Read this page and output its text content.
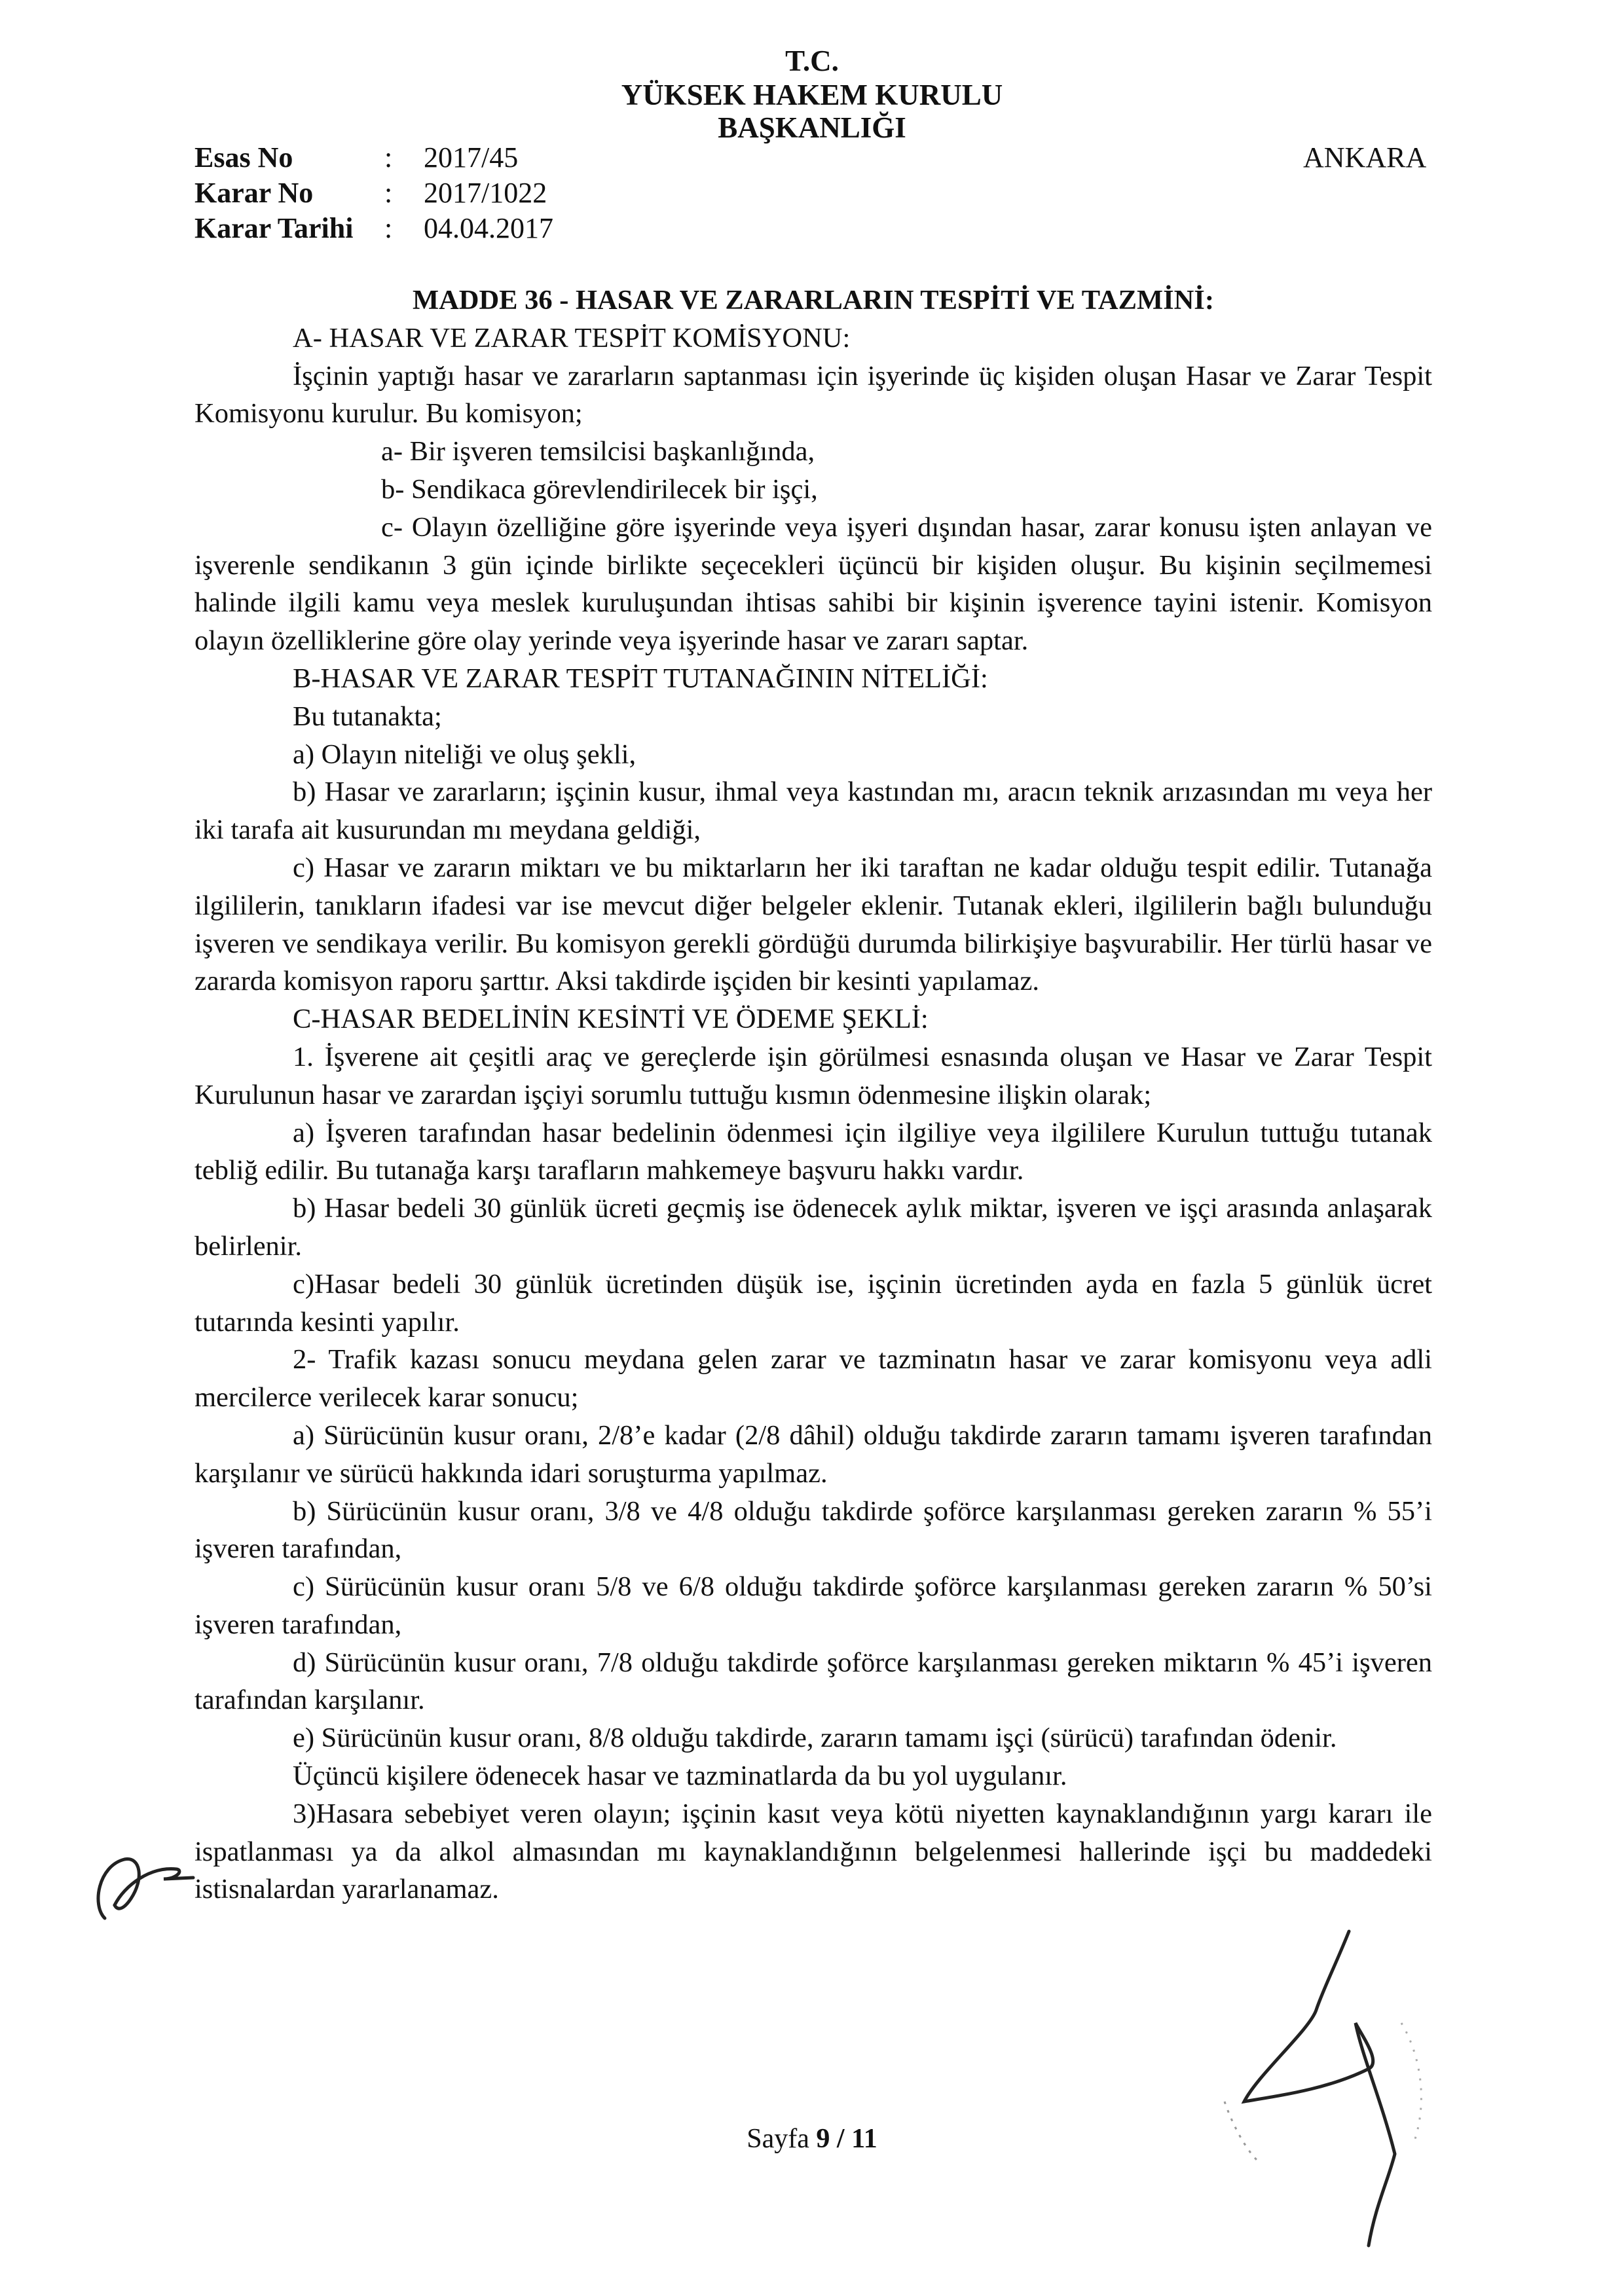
T.C.
YÜKSEK HAKEM KURULU
BAŞKANLIĞI
Esas No	:	2017/45
Karar No	:	2017/1022
Karar Tarihi	:	04.04.2017
ANKARA

MADDE 36 - HASAR VE ZARARLARIN TESPİTİ VE TAZMİNİ:

A- HASAR VE ZARAR TESPİT KOMİSYONU:

İşçinin yaptığı hasar ve zararların saptanması için işyerinde üç kişiden oluşan Hasar ve Zarar Tespit Komisyonu kurulur. Bu komisyon;

a- Bir işveren temsilcisi başkanlığında,

b- Sendikaca görevlendirilecek bir işçi,

c- Olayın özelliğine göre işyerinde veya işyeri dışından hasar, zarar konusu işten anlayan ve işverenle sendikanın 3 gün içinde birlikte seçecekleri üçüncü bir kişiden oluşur. Bu kişinin seçilmemesi halinde ilgili kamu veya meslek kuruluşundan ihtisas sahibi bir kişinin işverence tayini istenir. Komisyon olayın özelliklerine göre olay yerinde veya işyerinde hasar ve zararı saptar.

B-HASAR VE ZARAR TESPİT TUTANAĞININ NİTELİĞİ:

Bu tutanakta;

a) Olayın niteliği ve oluş şekli,

b) Hasar ve zararların; işçinin kusur, ihmal veya kastından mı, aracın teknik arızasından mı veya her iki tarafa ait kusurundan mı meydana geldiği,

c) Hasar ve zararın miktarı ve bu miktarların her iki taraftan ne kadar olduğu tespit edilir. Tutanağa ilgililerin, tanıkların ifadesi var ise mevcut diğer belgeler eklenir. Tutanak ekleri, ilgililerin bağlı bulunduğu işveren ve sendikaya verilir. Bu komisyon gerekli gördüğü durumda bilirkişiye başvurabilir. Her türlü hasar ve zararda komisyon raporu şarttır. Aksi takdirde işçiden bir kesinti yapılamaz.

C-HASAR BEDELİNİN KESİNTİ VE ÖDEME ŞEKLİ:

1. İşverene ait çeşitli araç ve gereçlerde işin görülmesi esnasında oluşan ve Hasar ve Zarar Tespit Kurulunun hasar ve zarardan işçiyi sorumlu tuttuğu kısmın ödenmesine ilişkin olarak;

a) İşveren tarafından hasar bedelinin ödenmesi için ilgiliye veya ilgililere Kurulun tuttuğu tutanak tebliğ edilir. Bu tutanağa karşı tarafların mahkemeye başvuru hakkı vardır.

b) Hasar bedeli 30 günlük ücreti geçmiş ise ödenecek aylık miktar, işveren ve işçi arasında anlaşarak belirlenir.

c)Hasar bedeli 30 günlük ücretinden düşük ise, işçinin ücretinden ayda en fazla 5 günlük ücret tutarında kesinti yapılır.

2- Trafik kazası sonucu meydana gelen zarar ve tazminatın hasar ve zarar komisyonu veya adli mercilerce verilecek karar sonucu;

a) Sürücünün kusur oranı, 2/8’e kadar (2/8 dâhil) olduğu takdirde zararın tamamı işveren tarafından karşılanır ve sürücü hakkında idari soruşturma yapılmaz.

b) Sürücünün kusur oranı, 3/8 ve 4/8 olduğu takdirde şoförce karşılanması gereken zararın % 55’i işveren tarafından,

c) Sürücünün kusur oranı 5/8 ve 6/8 olduğu takdirde şoförce karşılanması gereken zararın % 50’si işveren tarafından,

d) Sürücünün kusur oranı, 7/8 olduğu takdirde şoförce karşılanması gereken miktarın % 45’i işveren tarafından karşılanır.

e) Sürücünün kusur oranı, 8/8 olduğu takdirde, zararın tamamı işçi (sürücü) tarafından ödenir.

Üçüncü kişilere ödenecek hasar ve tazminatlarda da bu yol uygulanır.

3)Hasara sebebiyet veren olayın; işçinin kasıt veya kötü niyetten kaynaklandığının yargı kararı ile ispatlanması ya da alkol almasından mı kaynaklandığının belgelenmesi hallerinde işçi bu maddedeki istisnalardan yararlanamaz.

Sayfa 9 / 11
